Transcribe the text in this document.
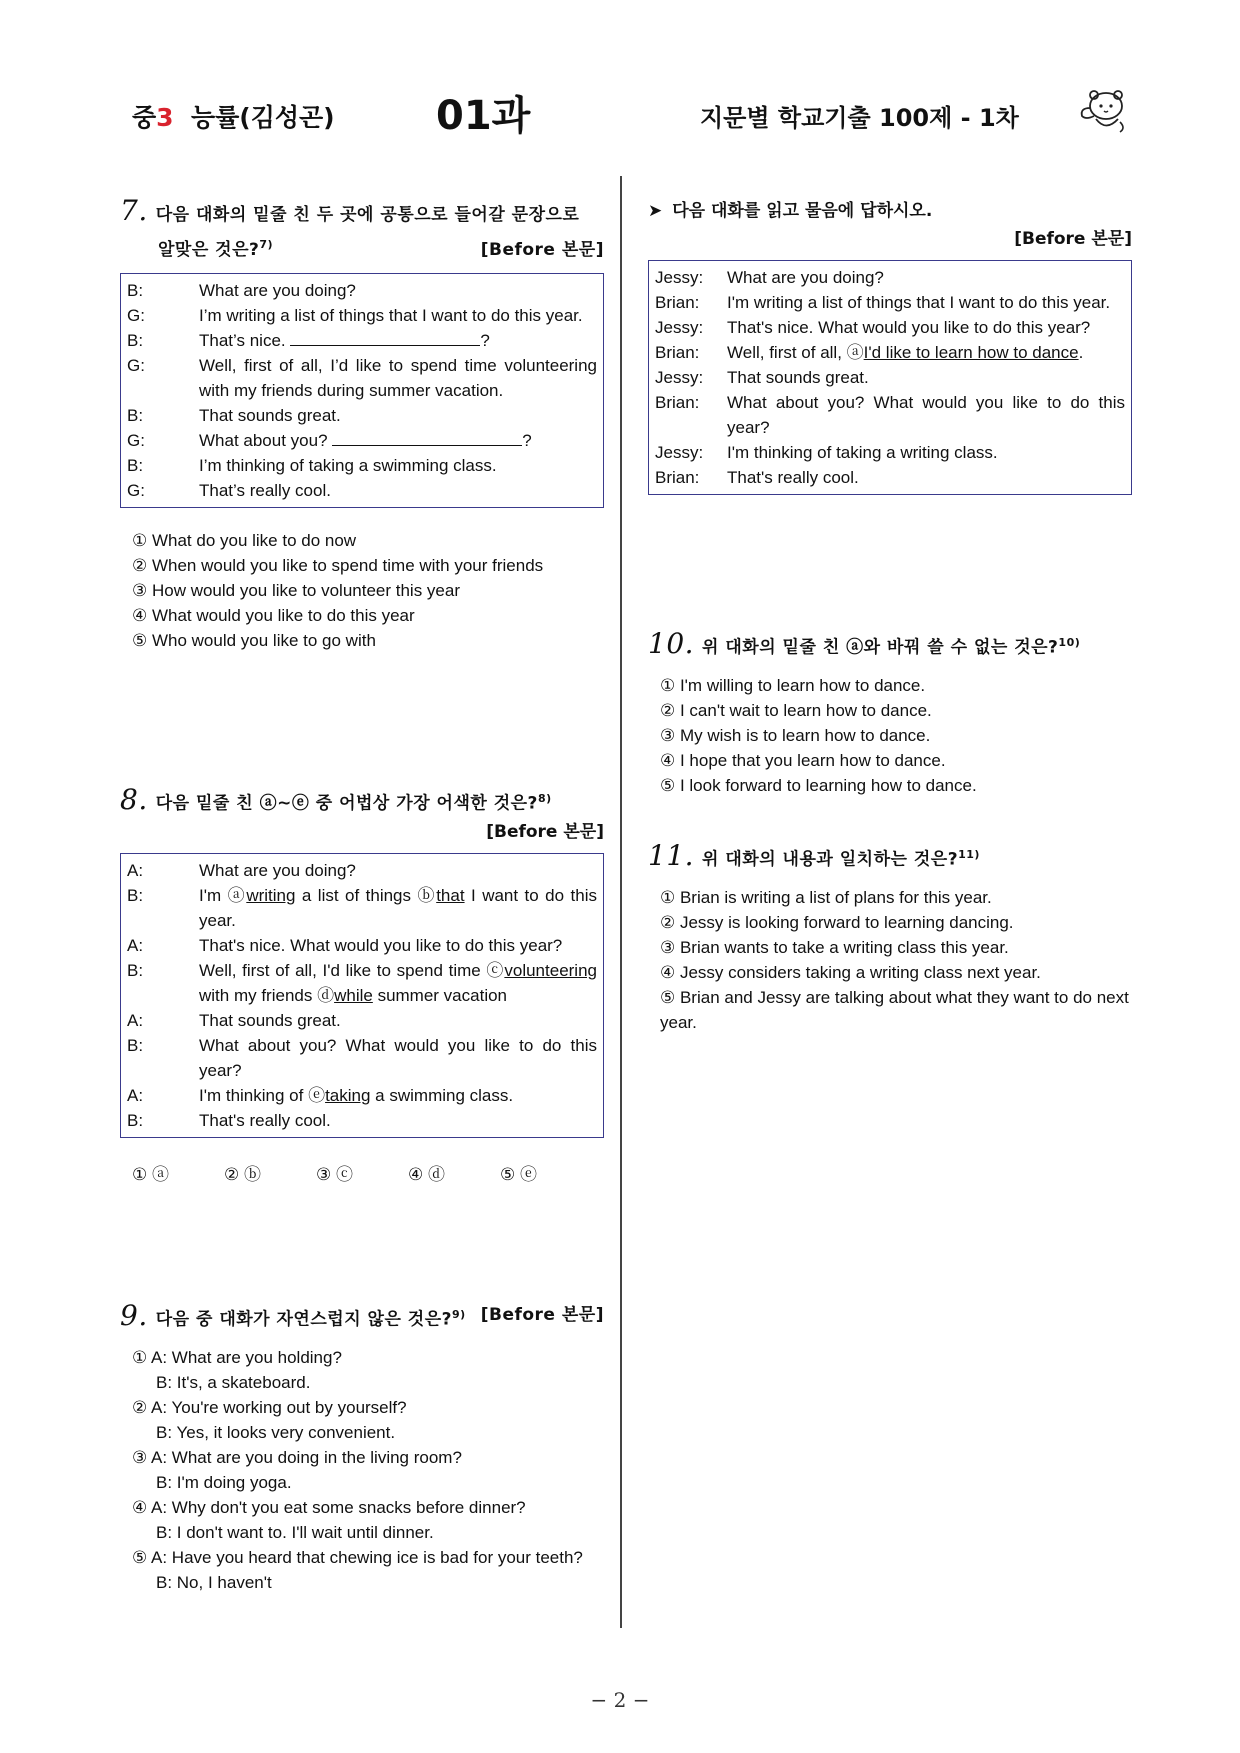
중3 능률(김성곤)	01과	지문별 학교기출 100제 - 1차
7. 다음 대화의 밑줄 친 두 곳에 공통으로 들어갈 문장으로
알맞은 것은?$^{7)}$	[Before 본문]
B:	What are you doing?
G:	I’m writing a list of things that I want to do this year.
B:	That’s nice.	?
G:	Well, first of all, I’d like to spend time volunteering with my friends during summer vacation.
B:	That sounds great.
G:	What about you?	?
B:	I’m thinking of taking a swimming class.
G:	That’s really cool.
① What do you like to do now
② When would you like to spend time with your friends
③ How would you like to volunteer this year
④ What would you like to do this year
⑤ Who would you like to go with
8. 다음 밑줄 친 ⓐ~ⓔ 중 어법상 가장 어색한 것은?$^{8)}$
[Before 본문]
A:	What are you doing?
B:	I'm ⓐwriting a list of things ⓑthat I want to do this year.
A:	That's nice. What would you like to do this year?
B:	Well, first of all, I'd like to spend time ⓒvolunteering with my friends ⓓwhile summer vacation
A:	That sounds great.
B:	What about you? What would you like to do this year?
A:	I'm thinking of ⓔtaking a swimming class.
B:	That's really cool.
① ⓐ	② ⓑ	③ ⓒ	④ ⓓ	⑤ ⓔ
9. 다음 중 대화가 자연스럽지 않은 것은?$^{9)}$ [Before 본문]
① A: What are you holding?
B: It's, a skateboard.
② A: You're working out by yourself?
B: Yes, it looks very convenient.
③ A: What are you doing in the living room?
B: I'm doing yoga.
④ A: Why don't you eat some snacks before dinner?
B: I don't want to. I'll wait until dinner.
⑤ A: Have you heard that chewing ice is bad for your teeth?
B: No, I haven't
➤ 다음 대화를 읽고 물음에 답하시오.
[Before 본문]
Jessy:	What are you doing?
Brian:	I'm writing a list of things that I want to do this year.
Jessy:	That's nice. What would you like to do this year?
Brian:	Well, first of all, ⓐI'd like to learn how to dance.
Jessy:	That sounds great.
Brian:	What about you? What would you like to do this year?
Jessy:	I'm thinking of taking a writing class.
Brian:	That's really cool.
10. 위 대화의 밑줄 친 ⓐ와 바꿔 쓸 수 없는 것은?$^{10)}$
① I'm willing to learn how to dance.
② I can't wait to learn how to dance.
③ My wish is to learn how to dance.
④ I hope that you learn how to dance.
⑤ I look forward to learning how to dance.
11. 위 대화의 내용과 일치하는 것은?$^{11)}$
① Brian is writing a list of plans for this year.
② Jessy is looking forward to learning dancing.
③ Brian wants to take a writing class this year.
④ Jessy considers taking a writing class next year.
⑤ Brian and Jessy are talking about what they want to do next year.
− 2 −
